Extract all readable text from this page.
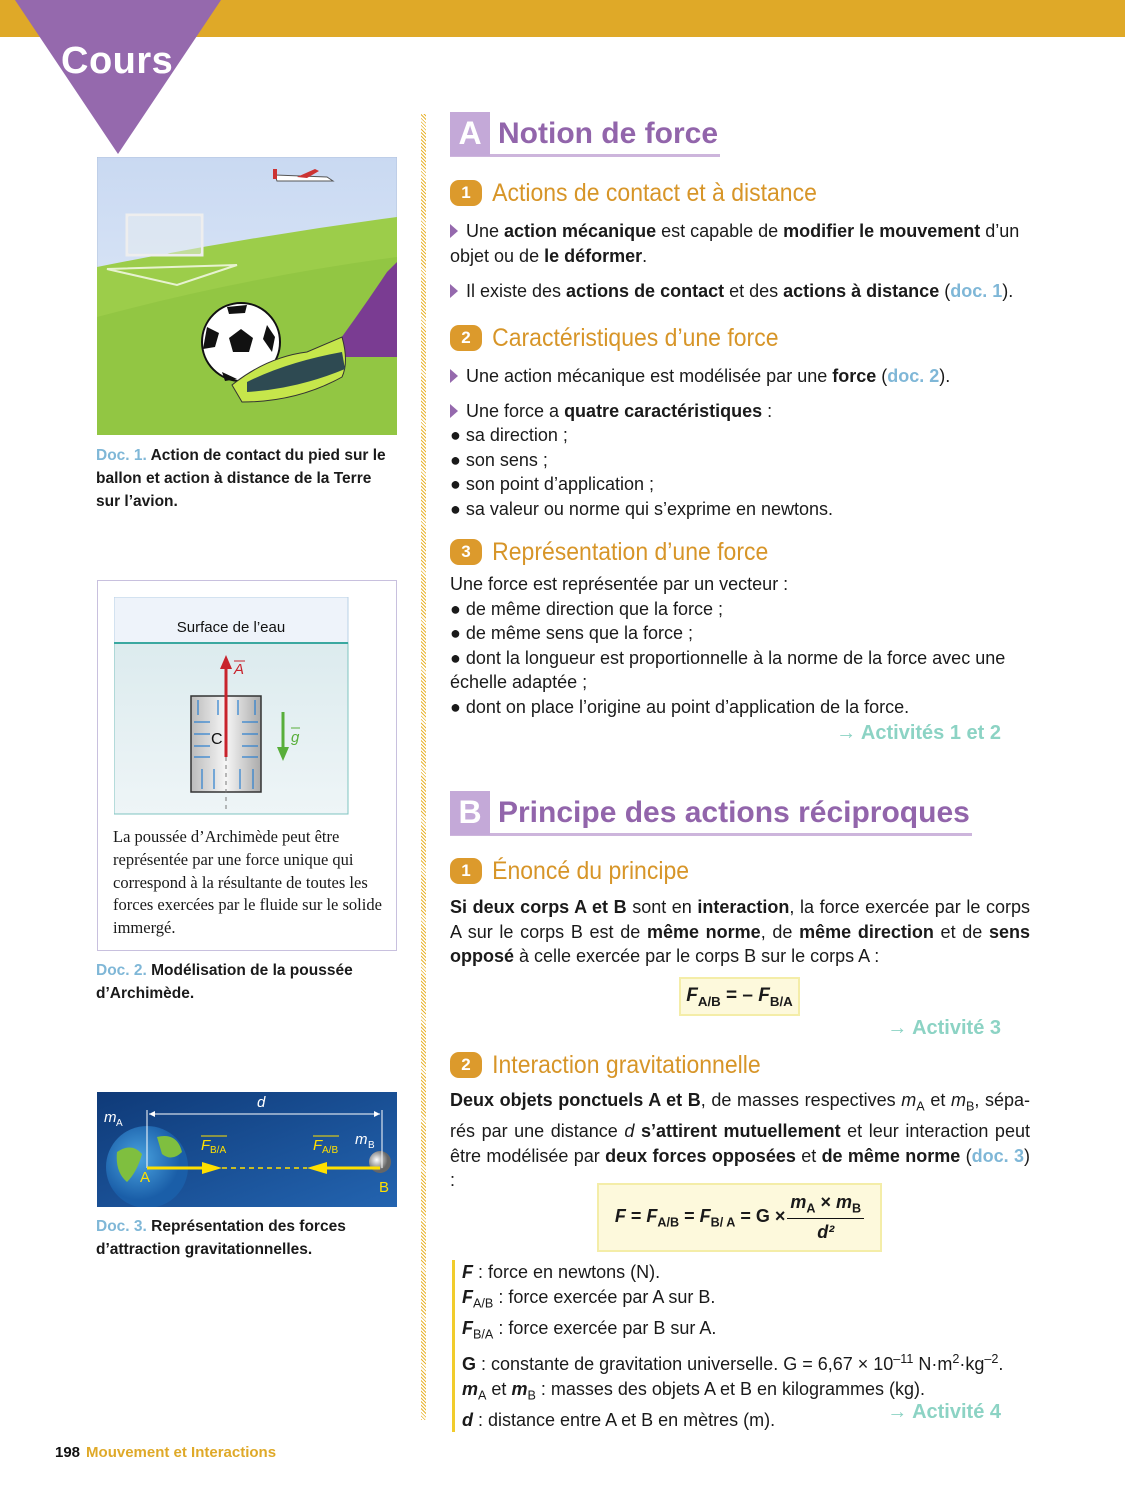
Cours
Doc. 1. Action de contact du pied sur le ballon et action à distance de la Terre sur l’avion.
Surface de l’eau
A
g
C
La poussée d’Archimède peut être représentée par une force unique qui correspond à la résultante de toutes les forces exercées par le fluide sur le solide immergé.
Doc. 2. Modélisation de la poussée d’Archimède.
d
m A
m B
A
B
F B/A	F A/B
Doc. 3. Représentation des forces d’attraction gravitationnelles.
A Notion de force
1 Actions de contact et à distance

Une action mécanique est capable de modifier le mouvement d’un objet ou de le déformer.

Il existe des actions de contact et des actions à distance (doc. 1).

2 Caractéristiques d’une force

Une action mécanique est modélisée par une force (doc. 2).

Une force a quatre caractéristiques :

● sa direction ;

● son sens ;

● son point d’application ;

● sa valeur ou norme qui s’exprime en newtons.

3 Représentation d’une force

Une force est représentée par un vecteur :

● de même direction que la force ;

● de même sens que la force ;

● dont la longueur est proportionnelle à la norme de la force avec une échelle adaptée ;

● dont on place l’origine au point d’application de la force.

→ Activités 1 et 2
B Principe des actions réciproques
1 Énoncé du principe

Si deux corps A et B sont en interaction, la force exercée par le corps A sur le corps B est de même norme, de même direction et de sens opposé à celle exercée par le corps B sur le corps A :

$F_{A/B}$ = – $F_{B/A}$
→ Activité 3
2 Interaction gravitationnelle

Deux objets ponctuels A et B, de masses respectives $m_A$ et $m_B$, séparés par une distance d s’attirent mutuellement et leur interaction peut être modélisée par deux forces opposées et de même norme (doc. 3) :

$F = F_{A/B} = F_{B/ A} = G \times \frac{m_A \times m_B}{\text{d²}}$

F : force en newtons (N).

$F_{A/B}$ : force exercée par A sur B.

$F_{B/A}$ : force exercée par B sur A.

G : constante de gravitation universelle. $G = 6,67 \times 10^{-11}$ $N\cdot m^2\cdot kg^{-2}$.

$m_A$ et $m_B$ : masses des objets A et B en kilogrammes (kg).

d : distance entre A et B en mètres (m).	→ Activité 4
198 Mouvement et Interactions
